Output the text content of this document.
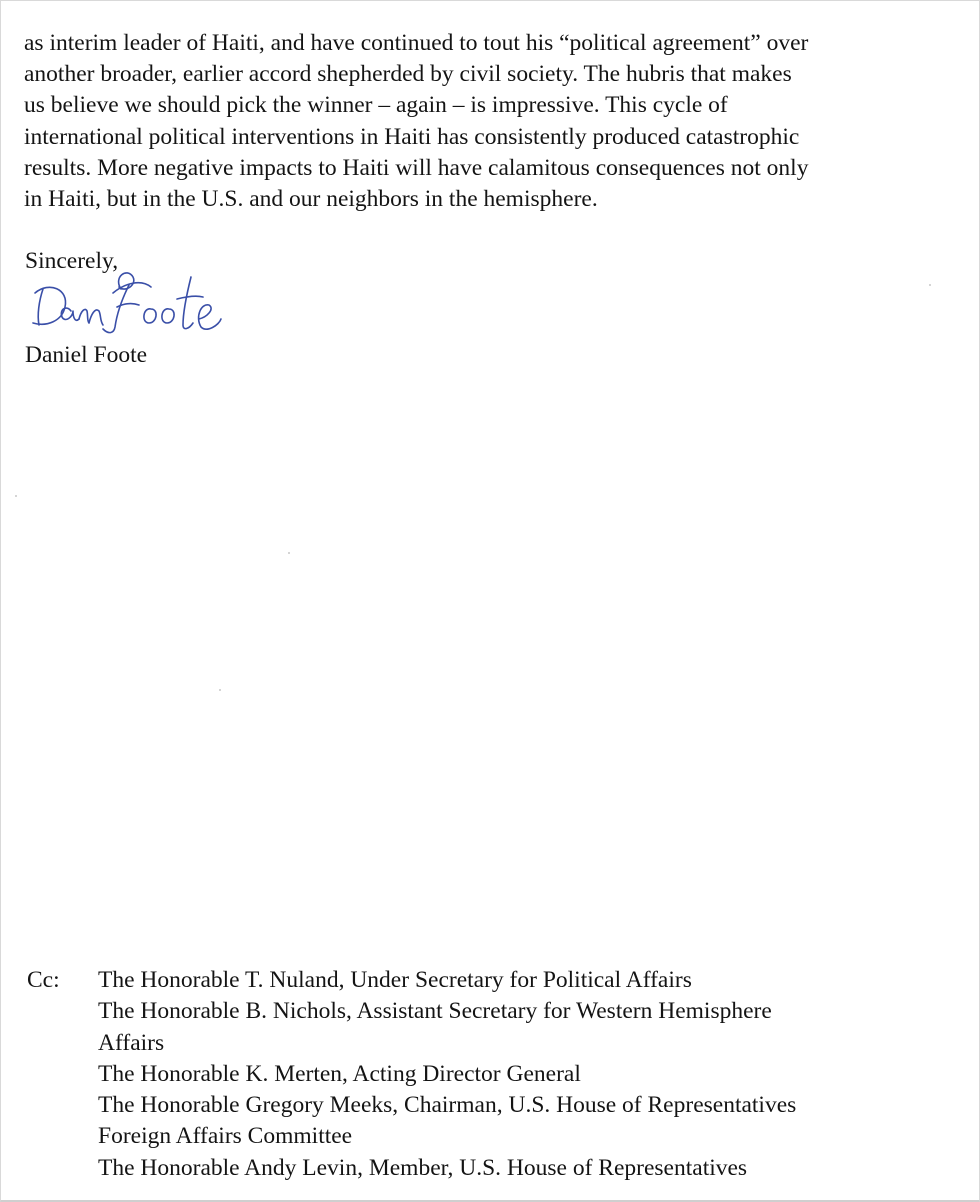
as interim leader of Haiti, and have continued to tout his “political agreement” over
another broader, earlier accord shepherded by civil society. The hubris that makes
us believe we should pick the winner – again – is impressive. This cycle of
international political interventions in Haiti has consistently produced catastrophic
results. More negative impacts to Haiti will have calamitous consequences not only
in Haiti, but in the U.S. and our neighbors in the hemisphere.

Sincerely,

Daniel Foote

Cc: The Honorable T. Nuland, Under Secretary for Political Affairs
The Honorable B. Nichols, Assistant Secretary for Western Hemisphere
Affairs
The Honorable K. Merten, Acting Director General
The Honorable Gregory Meeks, Chairman, U.S. House of Representatives
Foreign Affairs Committee
The Honorable Andy Levin, Member, U.S. House of Representatives
